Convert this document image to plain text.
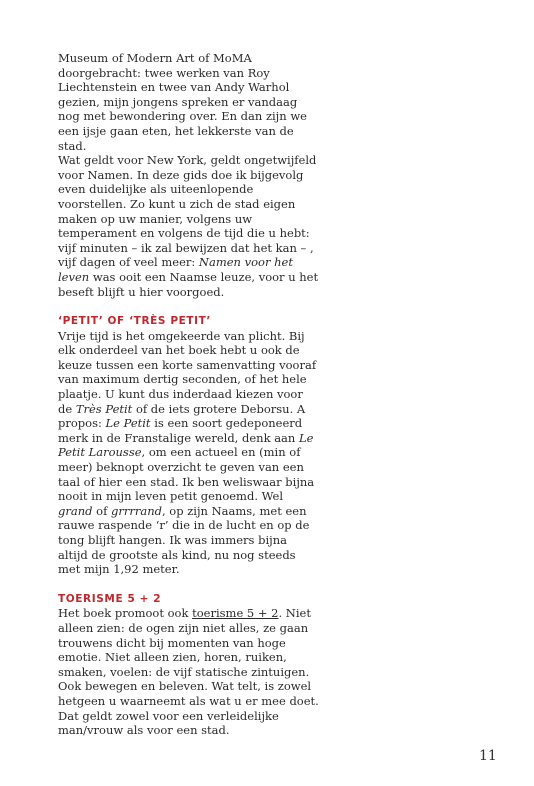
Museum of Modern Art of MoMA doorgebracht: twee werken van Roy Liechtenstein en twee van Andy Warhol gezien, mijn jongens spreken er vandaag nog met bewondering over. En dan zijn we een ijsje gaan eten, het lekkerste van de stad.

Wat geldt voor New York, geldt ongetwijfeld voor Namen. In deze gids doe ik bijgevolg even duidelijke als uiteenlopende voorstellen. Zo kunt u zich de stad eigen maken op uw manier, volgens uw temperament en volgens de tijd die u hebt: vijf minuten – ik zal bewijzen dat het kan – , vijf dagen of veel meer: Namen voor het leven was ooit een Naamse leuze, voor u het beseft blijft u hier voorgoed.

‘PETIT’ OF ‘TRÈS PETIT’

Vrije tijd is het omgekeerde van plicht. Bij elk onderdeel van het boek hebt u ook de keuze tussen een korte samenvatting vooraf van maximum dertig seconden, of het hele plaatje. U kunt dus inderdaad kiezen voor de Très Petit of de iets grotere Deborsu. A propos: Le Petit is een soort gedeponeerd merk in de Franstalige wereld, denk aan Le Petit Larousse, om een actueel en (min of meer) beknopt overzicht te geven van een taal of hier een stad. Ik ben weliswaar bijna nooit in mijn leven petit genoemd. Wel grand of grrrrand, op zijn Naams, met een rauwe raspende ‘r’ die in de lucht en op de tong blijft hangen. Ik was immers bijna altijd de grootste als kind, nu nog steeds met mijn 1,92 meter.

TOERISME 5 + 2

Het boek promoot ook toerisme 5 + 2. Niet alleen zien: de ogen zijn niet alles, ze gaan trouwens dicht bij momenten van hoge emotie. Niet alleen zien, horen, ruiken, smaken, voelen: de vijf statische zintuigen. Ook bewegen en beleven. Wat telt, is zowel hetgeen u waarneemt als wat u er mee doet. Dat geldt zowel voor een verleidelijke man/vrouw als voor een stad.

11
